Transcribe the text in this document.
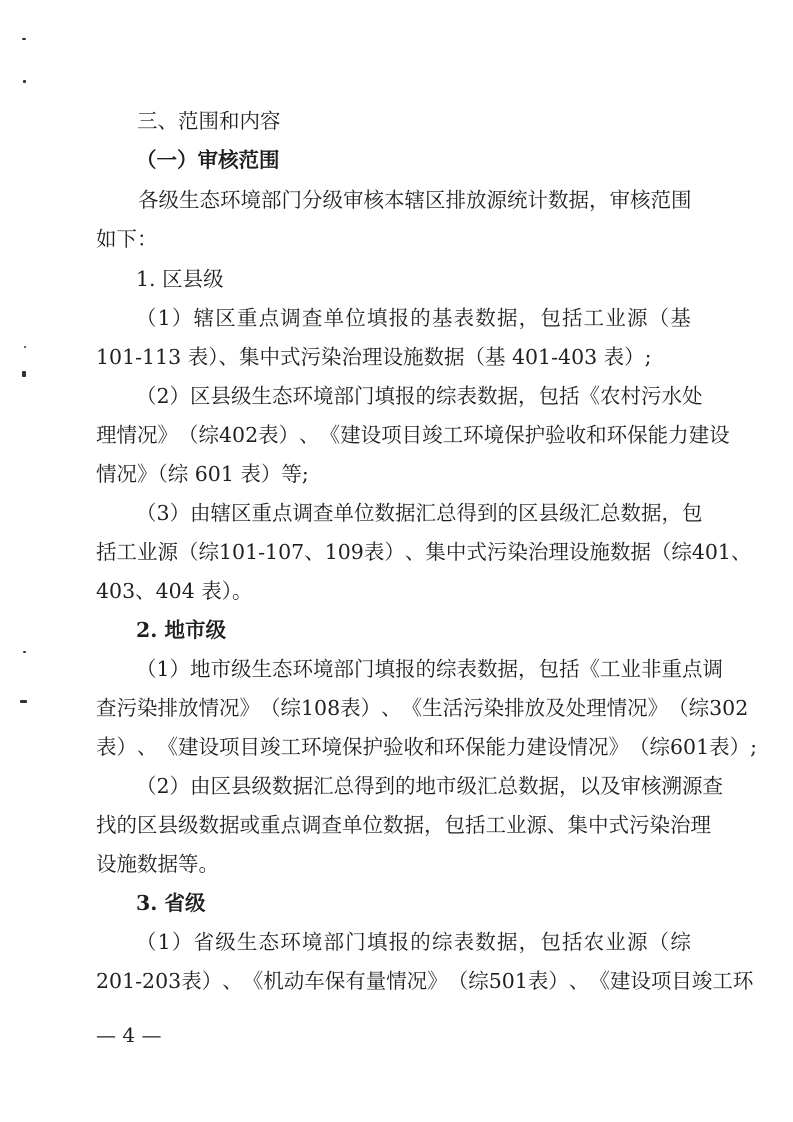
三、范围和内容
（一）审核范围
各 级 生 态 环 境 部 门 分 级 审 核 本 辖 区 排 放 源 统 计 数 据 ， 审 核 范 围
如下：
1. 区县级
（ 1 ） 辖 区 重 点 调 查 单 位 填 报 的 基 表 数 据 ， 包 括 工 业 源 （ 基
101-113 表）、集中式污染治理设施数据（基 401-403 表）;
（ 2 ） 区 县 级 生 态 环 境 部 门 填 报 的 综 表 数 据 ， 包 括 《 农 村 污 水 处
理 情 况 》 （ 综 402 表 ） 、 《 建 设 项 目 竣 工 环 境 保 护 验 收 和 环 保 能 力 建 设
情况》（综 601 表）等;
（ 3 ） 由 辖 区 重 点 调 查 单 位 数 据 汇 总 得 到 的 区 县 级 汇 总 数 据 ， 包
括 工 业 源 （ 综 101-107 、 109 表 ） 、 集 中 式 污 染 治 理 设 施 数 据 （ 综 401 、
403、404 表）。
2. 地市级
（ 1 ） 地 市 级 生 态 环 境 部 门 填 报 的 综 表 数 据 ， 包 括 《 工 业 非 重 点 调
查 污 染 排 放 情 况 》 （ 综 108 表 ） 、 《 生 活 污 染 排 放 及 处 理 情 况 》 （ 综 302
表 ） 、 《 建 设 项 目 竣 工 环 境 保 护 验 收 和 环 保 能 力 建 设 情 况 》 （ 综 601 表 ） ;
（ 2 ） 由 区 县 级 数 据 汇 总 得 到 的 地 市 级 汇 总 数 据 ， 以 及 审 核 溯 源 查
找 的 区 县 级 数 据 或 重 点 调 查 单 位 数 据 ， 包 括 工 业 源 、 集 中 式 污 染 治 理
设施数据等。
3. 省级
（ 1 ） 省 级 生 态 环 境 部 门 填 报 的 综 表 数 据 ， 包 括 农 业 源 （ 综
201-203 表 ） 、 《 机 动 车 保 有 量 情 况 》 （ 综 501 表 ） 、 《 建 设 项 目 竣 工 环
— 4 —
